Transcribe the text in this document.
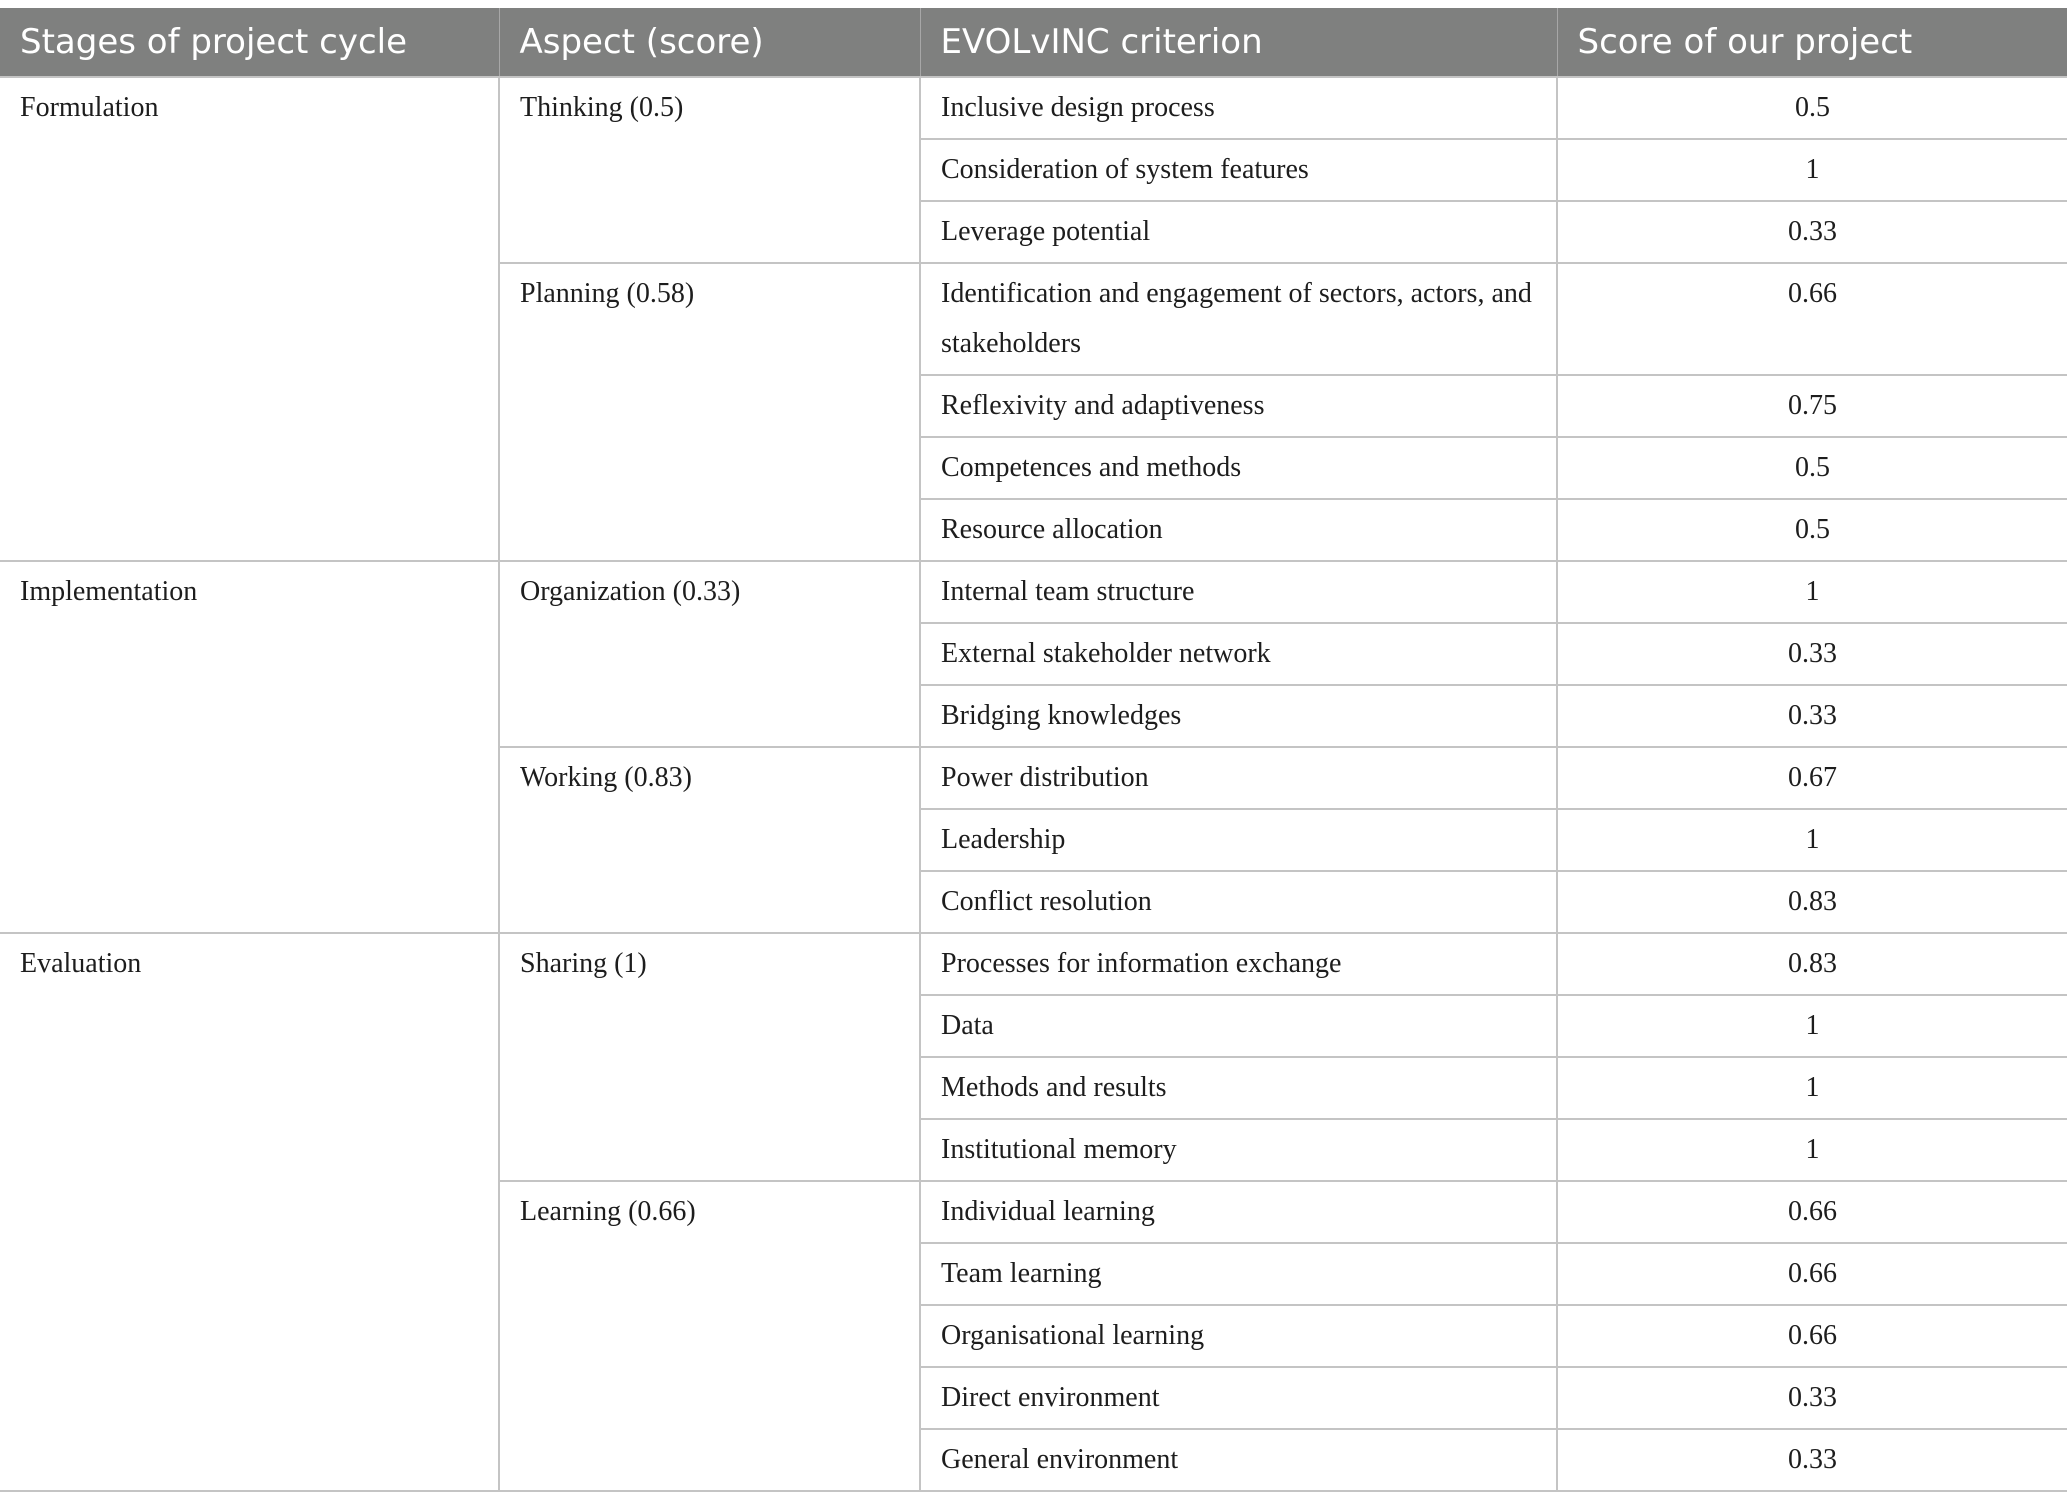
Stages of project cycle	Aspect (score)	EVOLvINC criterion	Score of our project
Formulation	Thinking (0.5)	Inclusive design process	0.5
		Consideration of system features	1
		Leverage potential	0.33
	Planning (0.58)	Identification and engagement of sectors, actors, and stakeholders	0.66
		Reflexivity and adaptiveness	0.75
		Competences and methods	0.5
		Resource allocation	0.5
Implementation	Organization (0.33)	Internal team structure	1
		External stakeholder network	0.33
		Bridging knowledges	0.33
	Working (0.83)	Power distribution	0.67
		Leadership	1
		Conflict resolution	0.83
Evaluation	Sharing (1)	Processes for information exchange	0.83
		Data	1
		Methods and results	1
		Institutional memory	1
	Learning (0.66)	Individual learning	0.66
		Team learning	0.66
		Organisational learning	0.66
		Direct environment	0.33
		General environment	0.33
